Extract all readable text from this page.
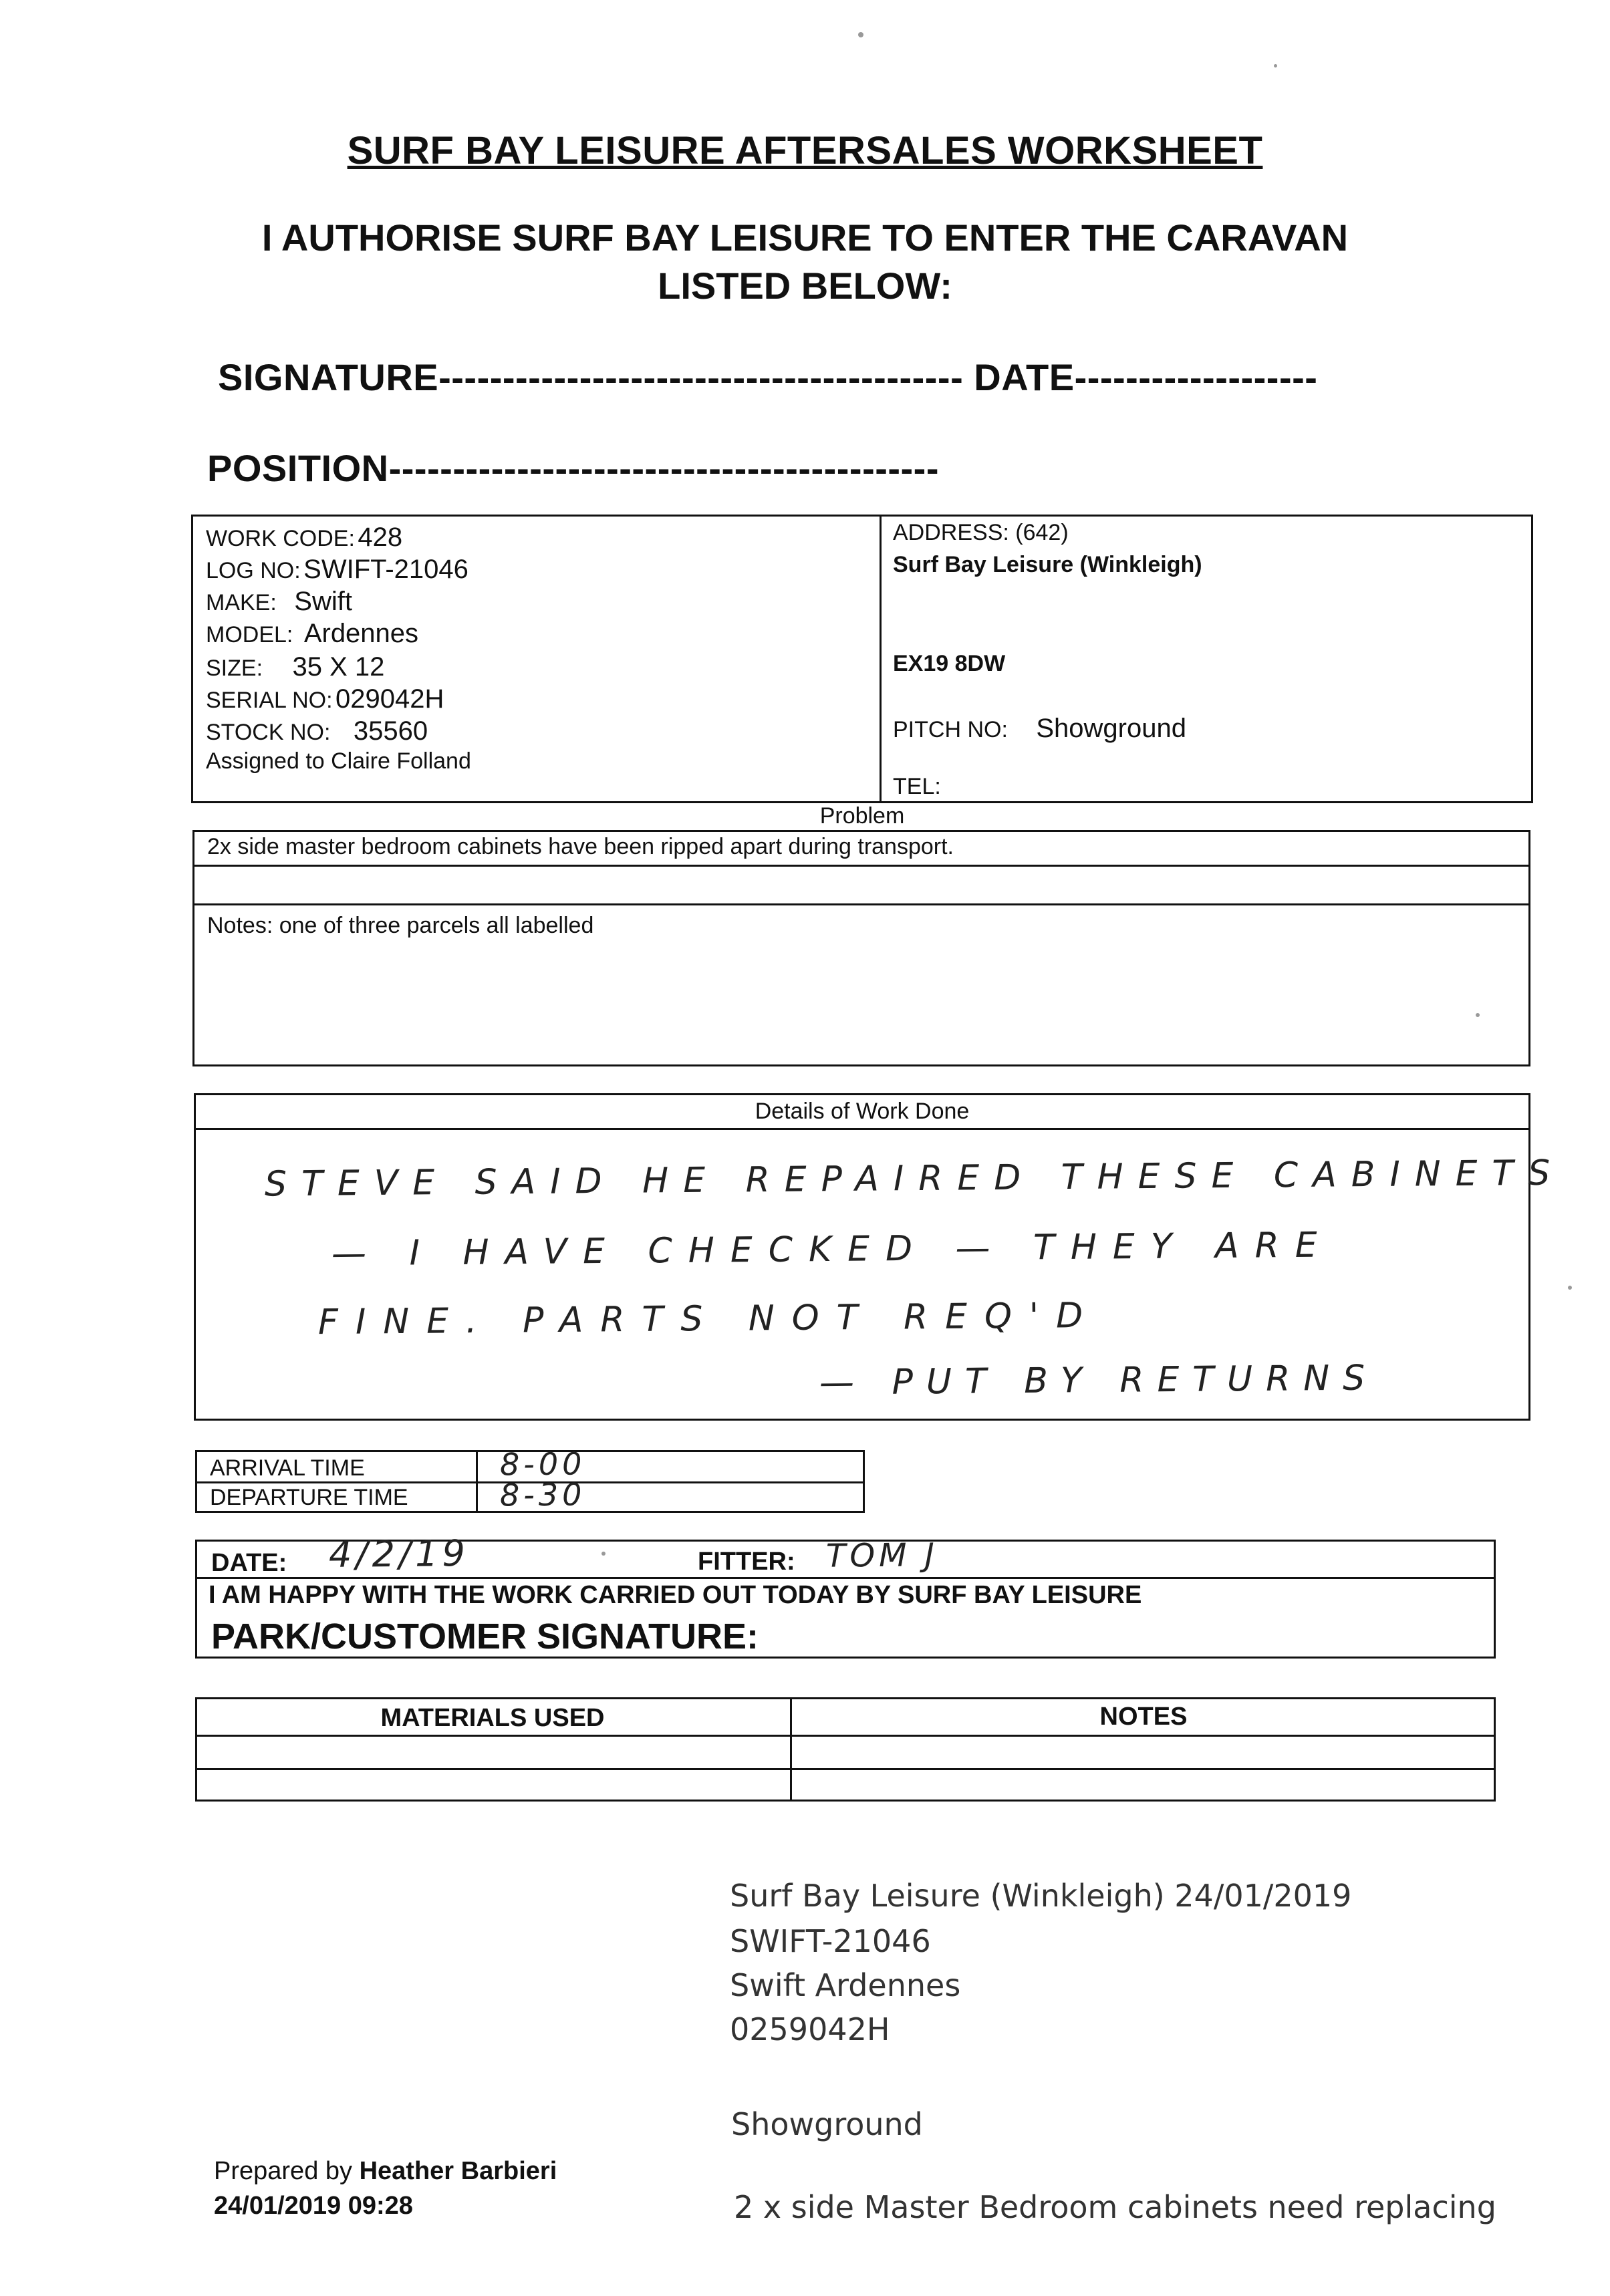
SURF BAY LEISURE AFTERSALES WORKSHEET
I AUTHORISE SURF BAY LEISURE TO ENTER THE CARAVAN
LISTED BELOW:
SIGNATURE----------------------------------------- DATE-------------------
POSITION-------------------------------------------
WORK CODE: 428
LOG NO: SWIFT-21046
MAKE: Swift
MODEL: Ardennes
SIZE: 35 X 12
SERIAL NO: 029042H
STOCK NO: 35560
Assigned to Claire Folland
ADDRESS: (642)
Surf Bay Leisure (Winkleigh)
EX19 8DW
PITCH NO: Showground
TEL:
Problem
2x side master bedroom cabinets have been ripped apart during transport.
Notes: one of three parcels all labelled
Details of Work Done
STEVE SAID HE REPAIRED THESE CABINETS
— I HAVE CHECKED — THEY ARE
FINE. PARTS NOT REQ'D
— PUT BY RETURNS
ARRIVAL TIME
DEPARTURE TIME
8-00
8-30
DATE: 4/2/19	FITTER: TOM J
I AM HAPPY WITH THE WORK CARRIED OUT TODAY BY SURF BAY LEISURE
PARK/CUSTOMER SIGNATURE:
MATERIALS USED	NOTES
Surf Bay Leisure (Winkleigh) 24/01/2019
SWIFT-21046
Swift Ardennes
0259042H
Showground
2 x side Master Bedroom cabinets need replacing
Prepared by Heather Barbieri
24/01/2019 09:28
